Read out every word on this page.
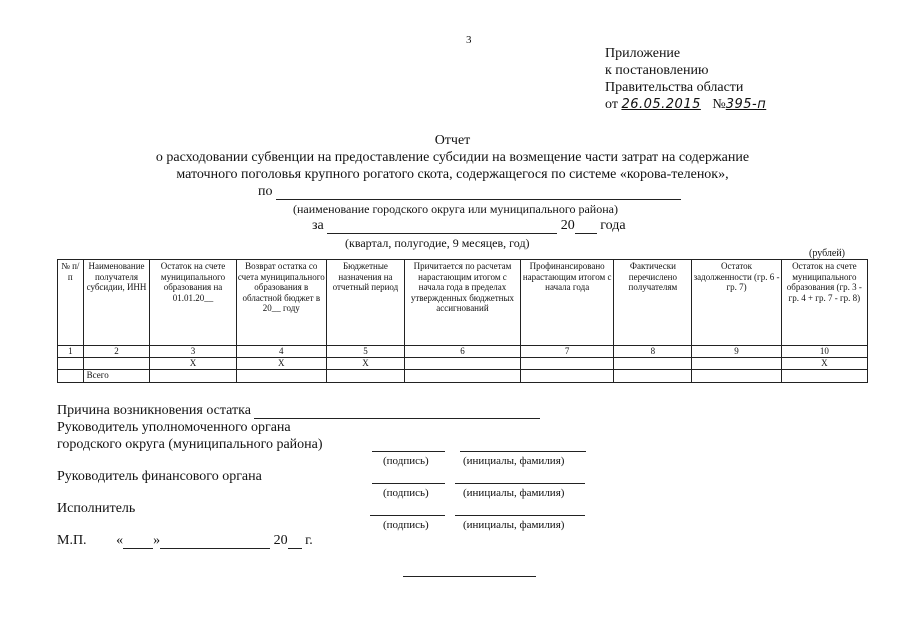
3
Приложение
к постановлению
Правительства области
от 26.05.2015 №395-п
Отчет
о расходовании субвенции на предоставление субсидии на возмещение части затрат на содержание
маточного поголовья крупного рогатого скота, содержащегося по системе «корова-теленок»,
по
(наименование городского округа или муниципального района)
за	20 года
(квартал, полугодие, 9 месяцев, год)
(рублей)
№ п/п	Наименование получателя субсидии, ИНН	Остаток на счете муниципального образования на 01.01.20__	Возврат остатка со счета муниципального образования в областной бюджет в 20__ году	Бюджетные назначения на отчетный период	Причитается по расчетам нарастающим итогом с начала года в пределах утвержденных бюджетных ассигнований	Профинансировано нарастающим итогом с начала года	Фактически перечислено получателям	Остаток задолженности (гр. 6 - гр. 7)	Остаток на счете муниципального образования (гр. 3 - гр. 4 + гр. 7 - гр. 8)
1	2	3	4	5	6	7	8	9	10
		X	X	X					X
	Всего								
Причина возникновения остатка
Руководитель уполномоченного органа
городского округа (муниципального района)
(подпись)	(инициалы, фамилия)
Руководитель финансового органа
(подпись)	(инициалы, фамилия)
Исполнитель
(подпись)	(инициалы, фамилия)
М.П. « »	20 г.
